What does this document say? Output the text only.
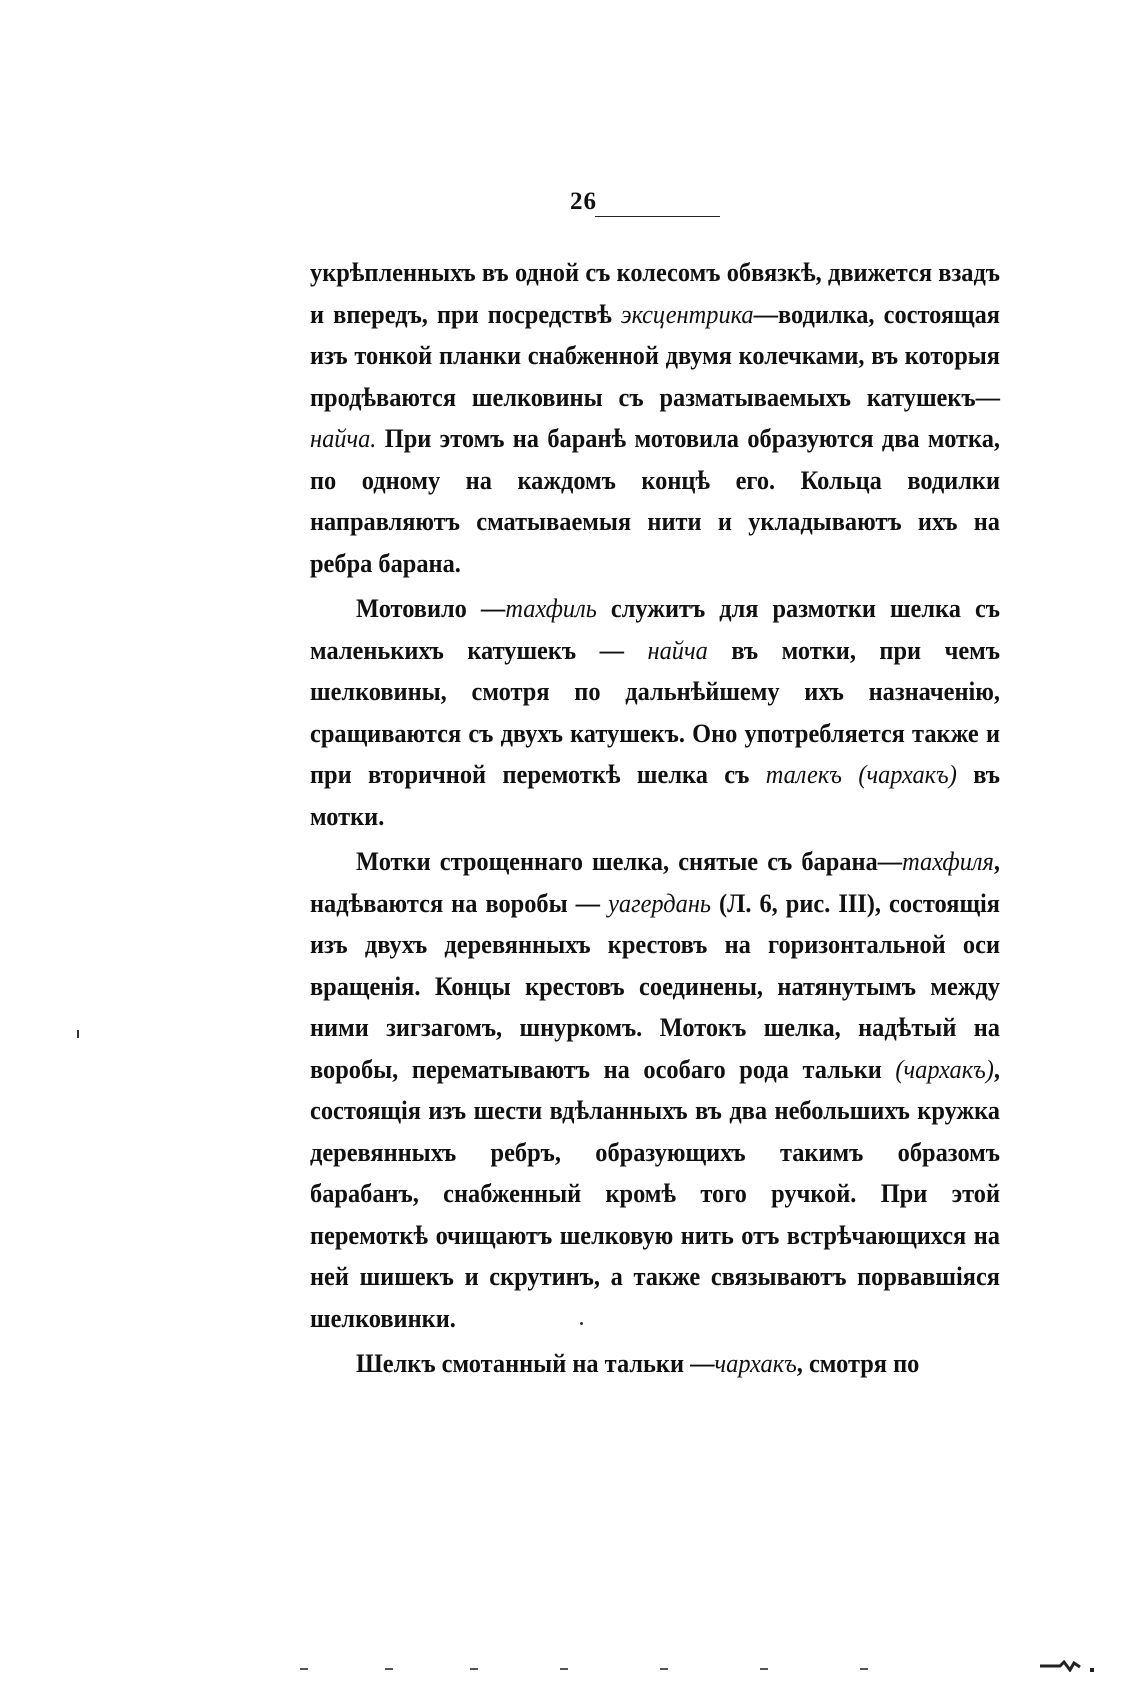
26

укрѣпленныхъ въ одной съ колесомъ обвязкѣ, движется взадъ и впередъ, при посредствѣ эксцентрика—водилка, состоящая изъ тонкой планки снабженной двумя колечками, въ которыя продѣваются шелковины съ разматываемыхъ катушекъ—найча. При этомъ на баранѣ мотовила образуются два мотка, по одному на каждомъ концѣ его. Кольца водилки направляютъ сматываемыя нити и укладываютъ ихъ на ребра барана.

Мотовило —тахфиль служитъ для размотки шелка съ маленькихъ катушекъ — найча въ мотки, при чемъ шелковины, смотря по дальнѣйшему ихъ назначенію, сращиваются съ двухъ катушекъ. Оно употребляется также и при вторичной перемоткѣ шелка съ талекъ (чархакъ) въ мотки.

Мотки строщеннаго шелка, снятые съ барана—тахфиля, надѣваются на воробы — уагердань (Л. 6, рис. III), состоящія изъ двухъ деревянныхъ крестовъ на горизонтальной оси вращенія. Концы крестовъ соединены, натянутымъ между ними зигзагомъ, шнуркомъ. Мотокъ шелка, надѣтый на воробы, перематываютъ на особаго рода тальки (чархакъ), состоящія изъ шести вдѣланныхъ въ два небольшихъ кружка деревянныхъ ребръ, образующихъ такимъ образомъ барабанъ, снабженный кромѣ того ручкой. При этой перемоткѣ очищаютъ шелковую нить отъ встрѣчающихся на ней шишекъ и скрутинъ, а также связываютъ порвавшіяся шелковинки.

Шелкъ смотанный на тальки —чархакъ, смотря по
